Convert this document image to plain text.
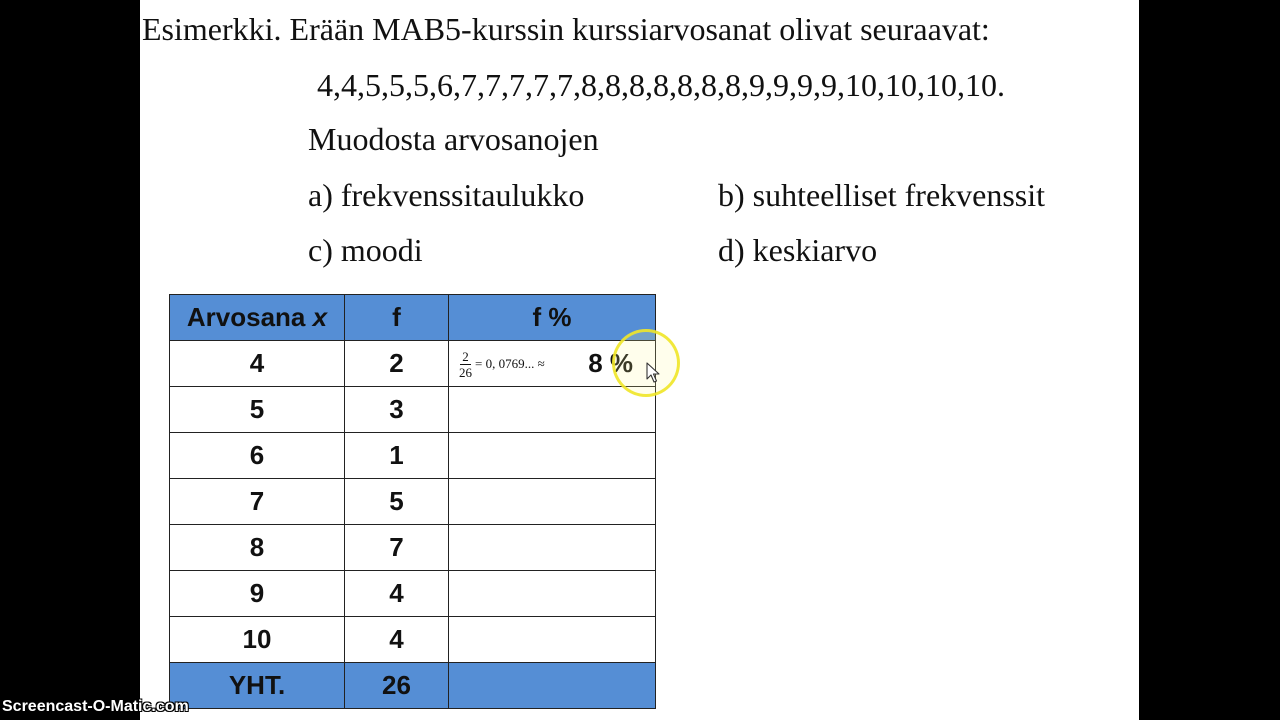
Esimerkki. Erään MAB5-kurssin kurssiarvosanat olivat seuraavat:

4,4,5,5,5,6,7,7,7,7,7,8,8,8,8,8,8,8,9,9,9,9,10,10,10,10.

Muodosta arvosanojen

a) frekvenssitaulukko	b) suhteelliset frekvenssit

c) moodi	d) keskiarvo

Arvosana x	f	f %
4	2	$\frac{2}{26} = 0$, 0769... ≈ 8 %

5	3	
6	1	
7	5	
8	7	
9	4	
10	4	
YHT.	26	
Screencast-O-Matic.com
